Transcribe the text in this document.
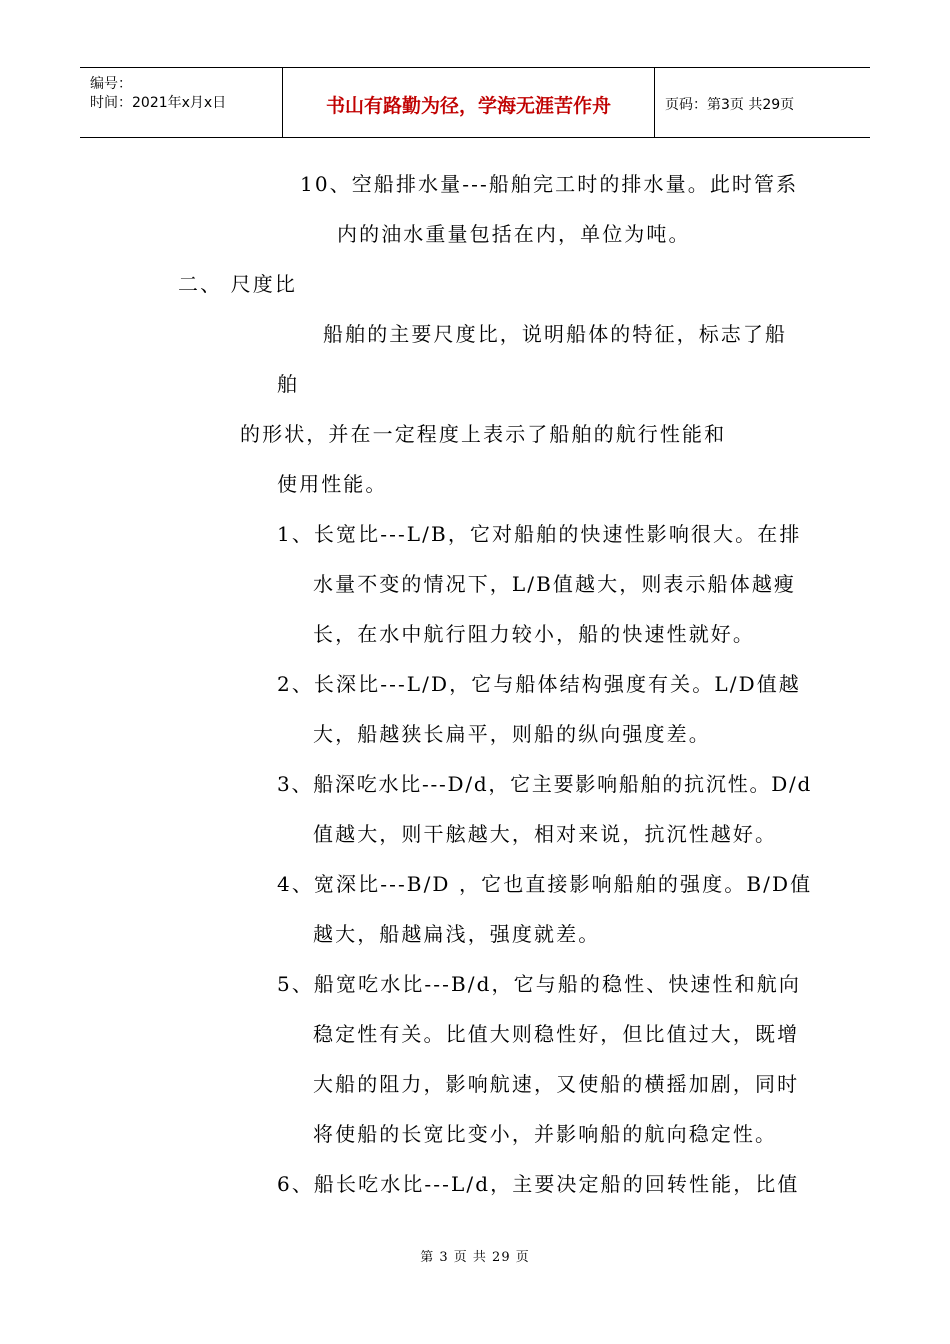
编号：
时间：2021年x月x日	书山有路勤为径，学海无涯苦作舟	页码：第3页 共29页
10、空船排水量---船舶完工时的排水量。此时管系
内的油水重量包括在内，单位为吨。
二、 尺度比
船舶的主要尺度比，说明船体的特征，标志了船
舶
的形状，并在一定程度上表示了船舶的航行性能和
使用性能。
1、长宽比---L/B，它对船舶的快速性影响很大。在排
水量不变的情况下，L/B值越大，则表示船体越瘦
长，在水中航行阻力较小，船的快速性就好。
2、长深比---L/D，它与船体结构强度有关。L/D值越
大，船越狭长扁平，则船的纵向强度差。
3、船深吃水比---D/d，它主要影响船舶的抗沉性。D/d
值越大，则干舷越大，相对来说，抗沉性越好。
4、宽深比---B/D ，它也直接影响船舶的强度。B/D值
越大，船越扁浅，强度就差。
5、船宽吃水比---B/d，它与船的稳性、快速性和航向
稳定性有关。比值大则稳性好，但比值过大，既增
大船的阻力，影响航速，又使船的横摇加剧，同时
将使船的长宽比变小，并影响船的航向稳定性。
6、船长吃水比---L/d，主要决定船的回转性能，比值
第 3 页 共 29 页
